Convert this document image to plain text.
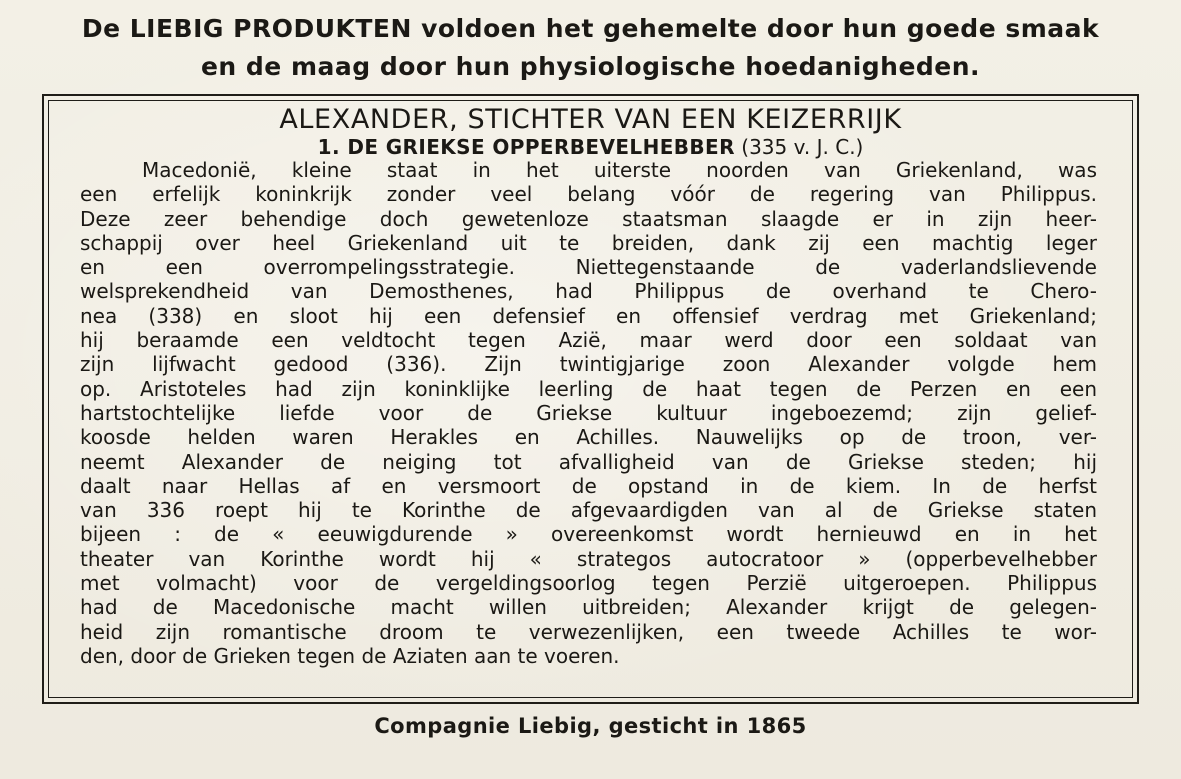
De LIEBIG PRODUKTEN voldoen het gehemelte door hun goede smaak
en de maag door hun physiologische hoedanigheden.
ALEXANDER, STICHTER VAN EEN KEIZERRIJK
1. DE GRIEKSE OPPERBEVELHEBBER (335 v. J. C.)
Macedonië, kleine staat in het uiterste noorden van Griekenland, was
een erfelijk koninkrijk zonder veel belang vóór de regering van Philippus.
Deze zeer behendige doch gewetenloze staatsman slaagde er in zijn heer-
schappij over heel Griekenland uit te breiden, dank zij een machtig leger
en een overrompelingsstrategie. Niettegenstaande de vaderlandslievende
welsprekendheid van Demosthenes, had Philippus de overhand te Chero-
nea (338) en sloot hij een defensief en offensief verdrag met Griekenland;
hij beraamde een veldtocht tegen Azië, maar werd door een soldaat van
zijn lijfwacht gedood (336). Zijn twintigjarige zoon Alexander volgde hem
op. Aristoteles had zijn koninklijke leerling de haat tegen de Perzen en een
hartstochtelijke liefde voor de Griekse kultuur ingeboezemd; zijn gelief-
koosde helden waren Herakles en Achilles. Nauwelijks op de troon, ver-
neemt Alexander de neiging tot afvalligheid van de Griekse steden; hij
daalt naar Hellas af en versmoort de opstand in de kiem. In de herfst
van 336 roept hij te Korinthe de afgevaardigden van al de Griekse staten
bijeen : de « eeuwigdurende » overeenkomst wordt hernieuwd en in het
theater van Korinthe wordt hij « strategos autocratoor » (opperbevelhebber
met volmacht) voor de vergeldingsoorlog tegen Perzië uitgeroepen. Philippus
had de Macedonische macht willen uitbreiden; Alexander krijgt de gelegen-
heid zijn romantische droom te verwezenlijken, een tweede Achilles te wor-
den, door de Grieken tegen de Aziaten aan te voeren.
Compagnie Liebig, gesticht in 1865
